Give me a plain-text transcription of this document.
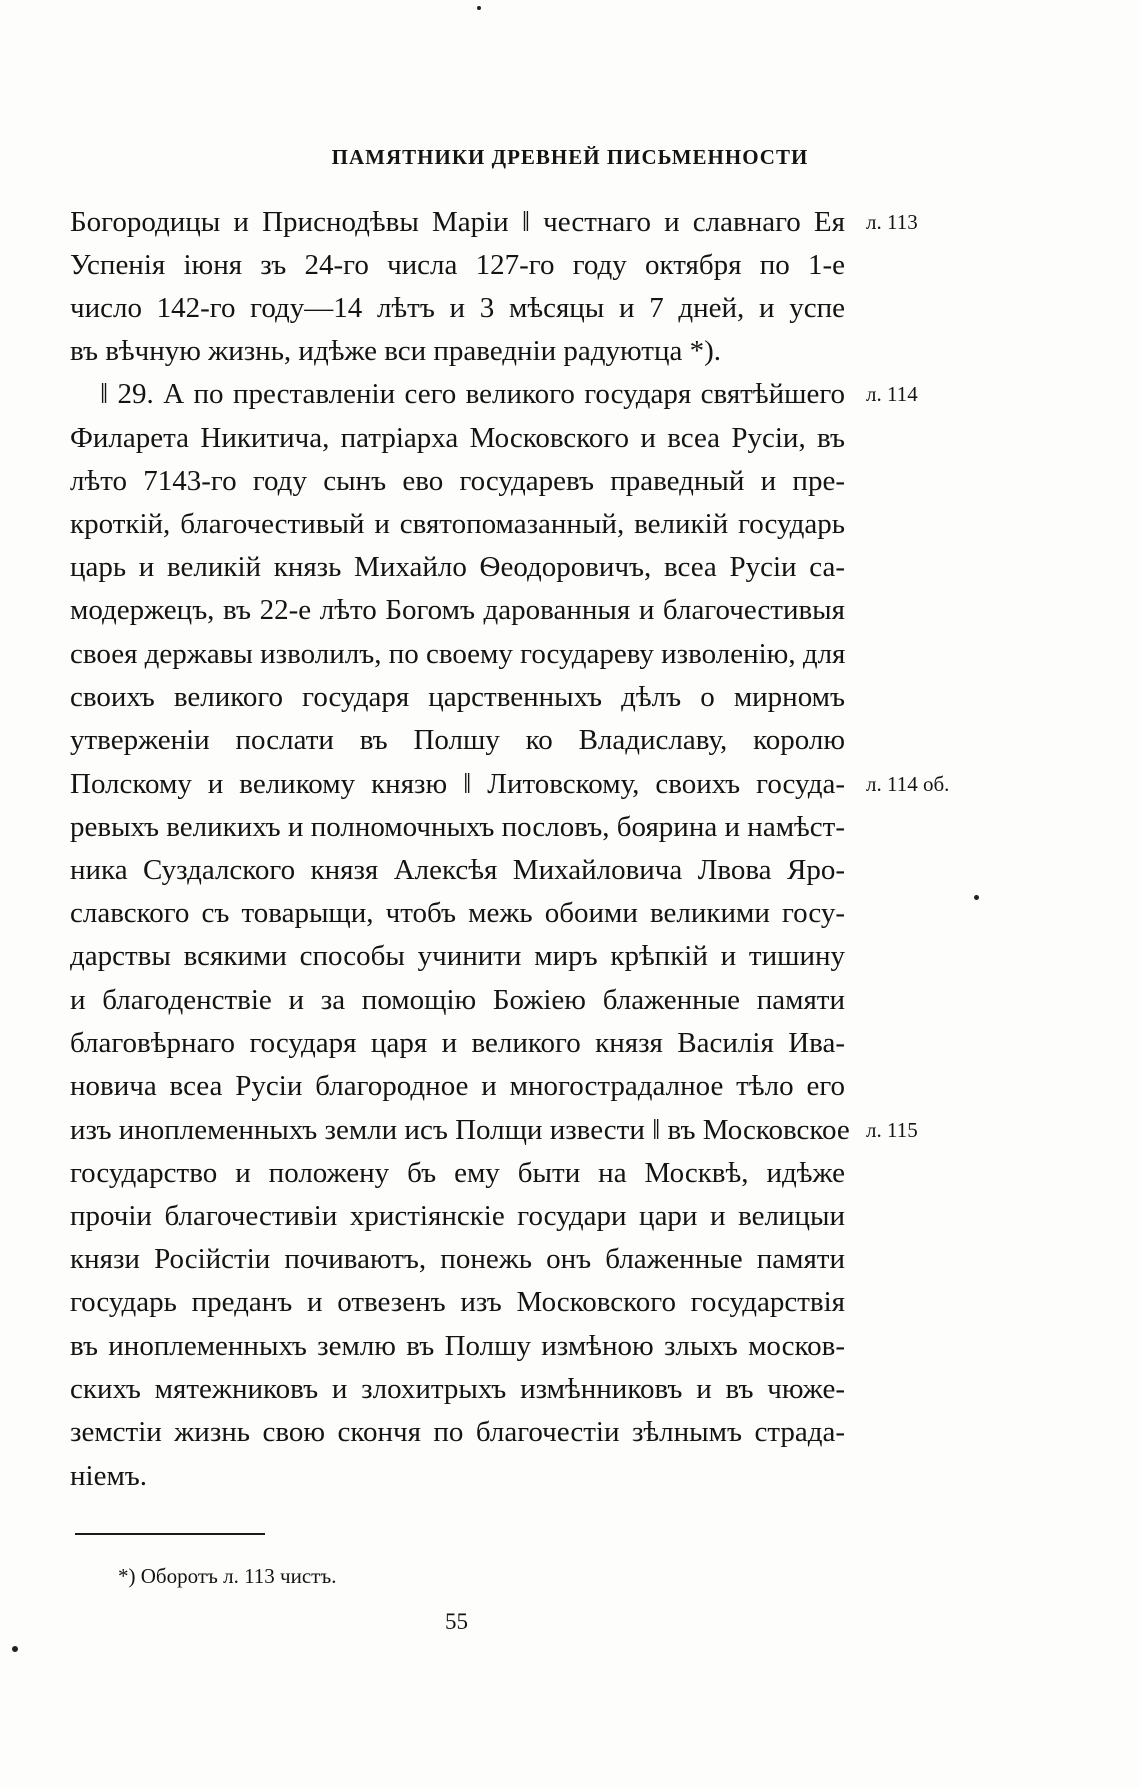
ПАМЯТНИКИ ДРЕВНЕЙ ПИСЬМЕННОСТИ
Богородицы и Приснодѣвы Маріи ‖ честнаго и славнаго Ея
Успенія іюня зъ 24-го числа 127-го году октября по 1-е
число 142-го году—14 лѣтъ и 3 мѣсяцы и 7 дней, и успе
въ вѣчную жизнь, идѣже вси праведніи радуютца *).
‖ 29. А по преставленіи сего великого государя святѣйшего
Филарета Никитича, патріарха Московского и всеа Русіи, въ
лѣто 7143-го году сынъ ево государевъ праведный и пре-
кроткій, благочестивый и святопомазанный, великій государь
царь и великій князь Михайло Ѳеодоровичъ, всеа Русіи са-
модержецъ, въ 22-е лѣто Богомъ дарованныя и благочестивыя
своея державы изволилъ, по своему государеву изволенію, для
своихъ великого государя царственныхъ дѣлъ о мирномъ
утверженіи послати въ Полшу ко Владиславу, королю
Полскому и великому князю ‖ Литовскому, своихъ госуда-
ревыхъ великихъ и полномочныхъ пословъ, боярина и намѣст-
ника Суздалского князя Алексѣя Михайловича Лвова Яро-
славского съ товарыщи, чтобъ межь обоими великими госу-
дарствы всякими способы учинити миръ крѣпкій и тишину
и благоденствіе и за помощію Божіею блаженные памяти
благовѣрнаго государя царя и великого князя Василія Ива-
новича всеа Русіи благородное и многострадалное тѣло его
изъ иноплеменныхъ земли исъ Полщи извести ‖ въ Московское
государство и положену бъ ему быти на Москвѣ, идѣже
прочіи благочестивіи христіянскіе государи цари и велицыи
князи Російстіи почиваютъ, понежь онъ блаженные памяти
государь преданъ и отвезенъ изъ Московского государствія
въ иноплеменныхъ землю въ Полшу измѣною злыхъ москов-
скихъ мятежниковъ и злохитрыхъ измѣнниковъ и въ чюже-
земстіи жизнь свою скончя по благочестіи зѣлнымъ страда-
ніемъ.
л. 113
л. 114
л. 114 об.
л. 115
*) Оборотъ л. 113 чистъ.
55
